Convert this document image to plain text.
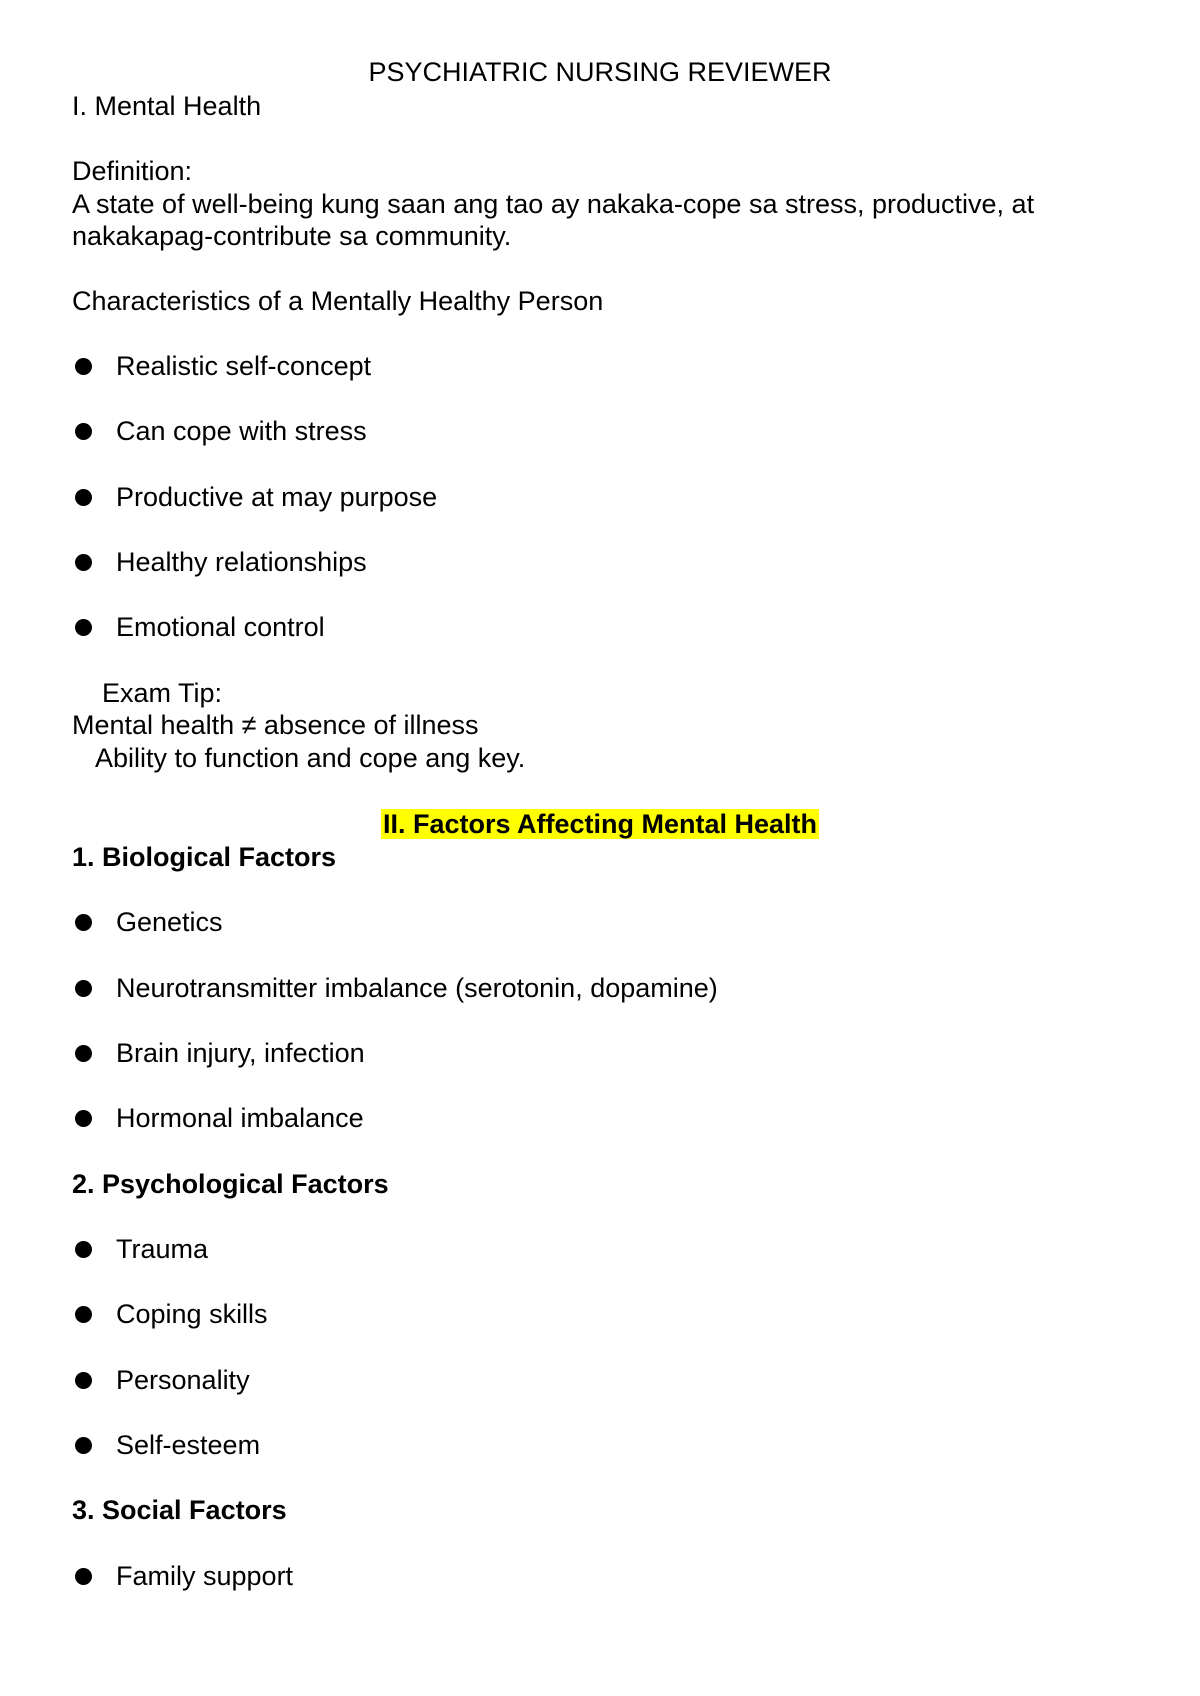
PSYCHIATRIC NURSING REVIEWER
I. Mental Health
Definition:
A state of well-being kung saan ang tao ay nakaka-cope sa stress, productive, at
nakakapag-contribute sa community.
Characteristics of a Mentally Healthy Person
Realistic self-concept
Can cope with stress
Productive at may purpose
Healthy relationships
Emotional control
Exam Tip:
Mental health ≠ absence of illness
Ability to function and cope ang key.
II. Factors Affecting Mental Health
1. Biological Factors
Genetics
Neurotransmitter imbalance (serotonin, dopamine)
Brain injury, infection
Hormonal imbalance
2. Psychological Factors
Trauma
Coping skills
Personality
Self-esteem
3. Social Factors
Family support
